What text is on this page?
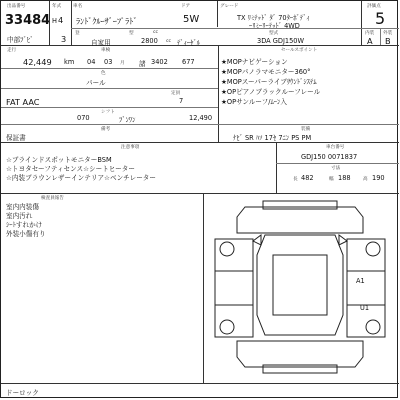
出品番号
33484
中部ﾌﾞﾋﾞ
年式
H 4
3
車名
ﾗﾝﾄﾞｸﾙｰｻﾞｰﾌﾟﾗﾄﾞ
ドア
5W
グレード
TX ﾘﾐﾃｯﾄﾞ ﾀﾞ 70ﾀｰﾎﾞﾃﾞｨ
ｰﾘﾐｰﾘｰﾃｯﾄﾞ 4WD
評価点
5
内装 外装
A B
登
自家用
型	cc
2800 cc ﾃﾞｨｰｾﾞﾙ
型式
3DA GDJ150W
走行
42,449 km
車検
04 03 月 諸 3402 677
色
パール
定員
7
FAT AAC
シフト
070	ﾌﾞﾝﾜﾝ	12,490
備考
保証書
セールスポイント
★MOPナビゲーション
★MOPパノラマモニター360°
★MOPスーパーライブｻｳﾝﾄﾞｼｽﾃﾑ
★OPピアノブラックルーフレール
★OPサンルーフ/ﾑｰﾝ入
装備
ﾅﾋﾞ SR ﾊｿ 17ｾ 7ﾆﾝ PS PM
注意事項
☆ブラインドスポットモニターBSM
☆トヨタセーフティセンス☆シートヒーター
☆内装ブラウンレザーインテリア☆ベンチレーター
車台番号
GDJ150 0071837
寸法
長 482	幅 188	高 190
検査員報告
室内内装傷
室内汚れ
ｼｰﾄすれかけ
外装小傷有り
A1
U1
ドーロック
